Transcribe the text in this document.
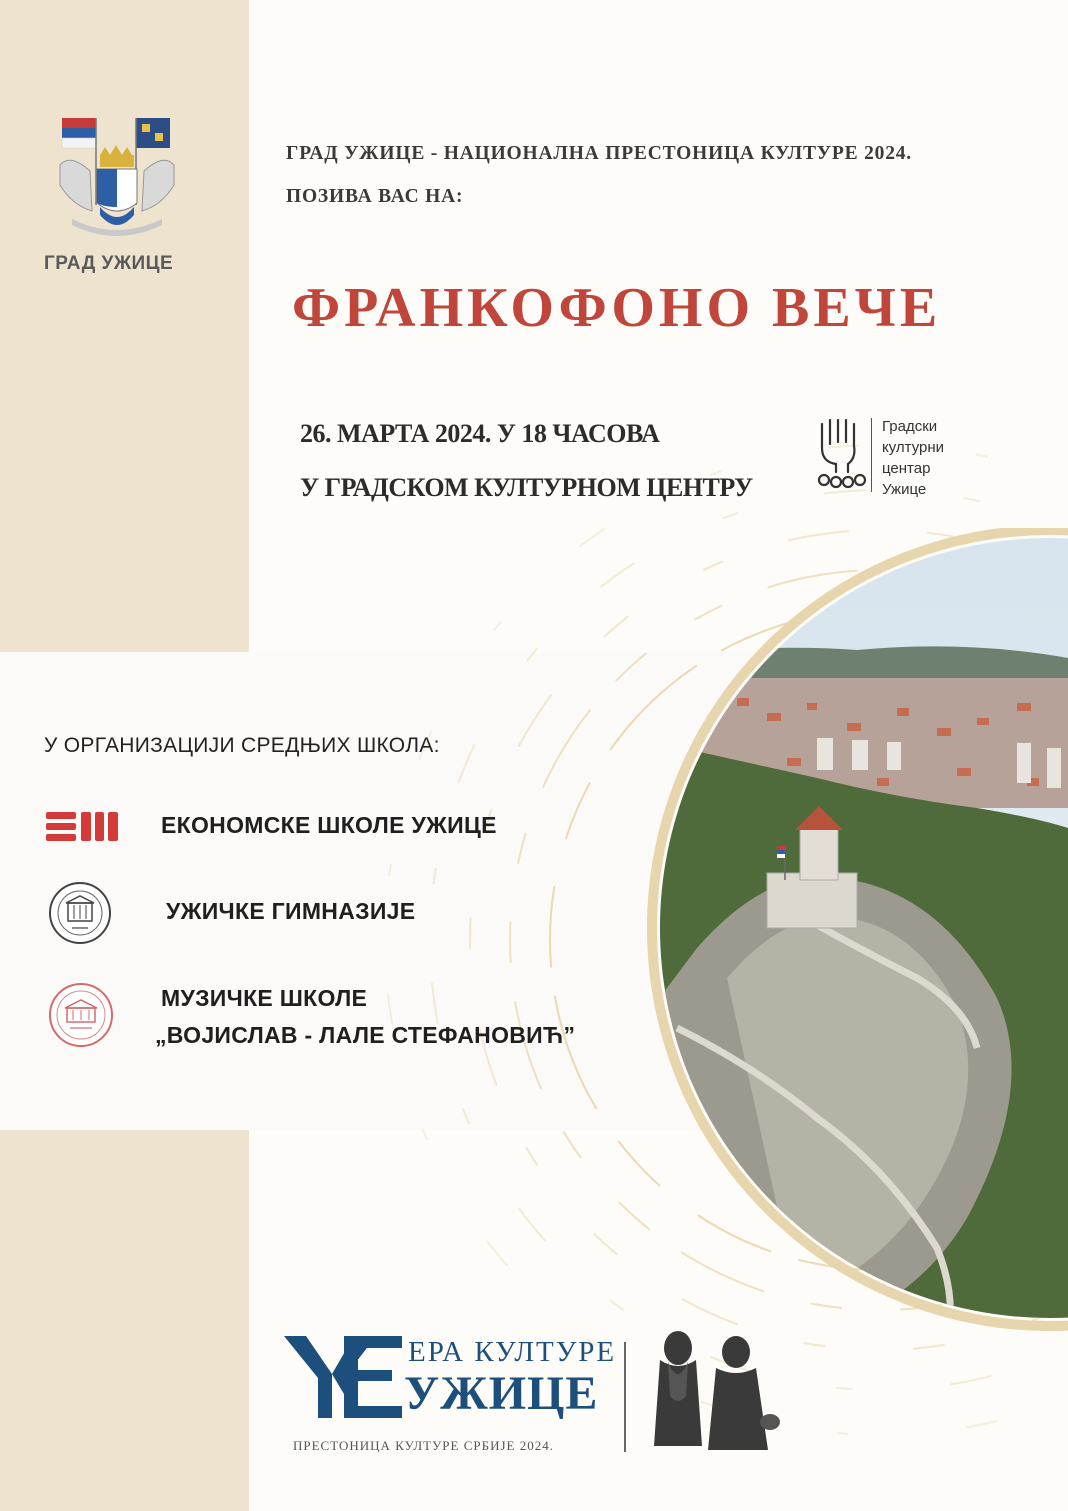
ГРАД УЖИЦЕ
ГРАД УЖИЦЕ - НАЦИОНАЛНА ПРЕСТОНИЦА КУЛТУРЕ 2024.
ПОЗИВА ВАС НА:
ФРАНКОФОНО ВЕЧЕ
26. МАРТА 2024. У 18 ЧАСОВА
У ГРАДСКОМ КУЛТУРНОМ ЦЕНТРУ
Градски
културни
центар
Ужице
У ОРГАНИЗАЦИЈИ СРЕДЊИХ ШКОЛА:
ЕКОНОМСКЕ ШКОЛЕ УЖИЦЕ
УЖИЧКЕ ГИМНАЗИЈЕ
МУЗИЧКЕ ШКОЛЕ
„ВОЈИСЛАВ - ЛАЛЕ СТЕФАНОВИЋ”
ЕРА КУЛТУРЕ
УЖИЦЕ
ПРЕСТОНИЦА КУЛТУРЕ СРБИЈЕ 2024.
